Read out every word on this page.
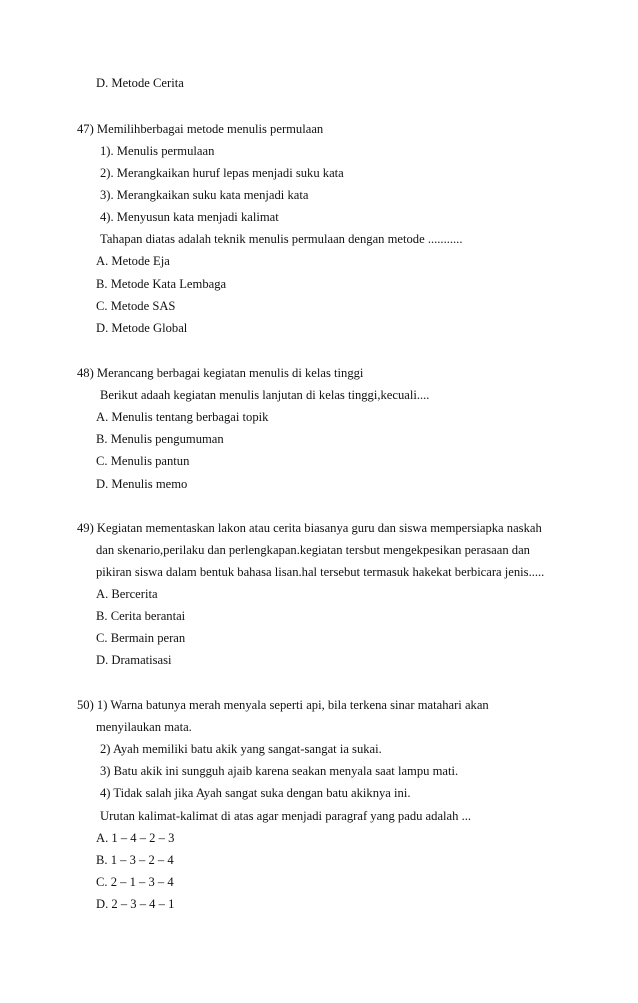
D. Metode Cerita
47) Memilihberbagai metode menulis permulaan
1). Menulis permulaan
2). Merangkaikan huruf lepas menjadi suku kata
3). Merangkaikan suku kata menjadi kata
4). Menyusun kata menjadi kalimat
Tahapan diatas adalah teknik menulis permulaan dengan metode ...........
A. Metode Eja
B. Metode Kata Lembaga
C. Metode SAS
D. Metode Global
48) Merancang berbagai kegiatan menulis di kelas tinggi
Berikut adaah kegiatan menulis lanjutan di kelas tinggi,kecuali....
A. Menulis tentang berbagai topik
B. Menulis pengumuman
C. Menulis pantun
D. Menulis memo
49) Kegiatan mementaskan lakon atau cerita biasanya guru dan siswa mempersiapka naskah
dan skenario,perilaku dan perlengkapan.kegiatan tersbut mengekpesikan perasaan dan
pikiran siswa dalam bentuk bahasa lisan.hal tersebut termasuk hakekat berbicara jenis.....
A. Bercerita
B. Cerita berantai
C. Bermain peran
D. Dramatisasi
50) 1) Warna batunya merah menyala seperti api, bila terkena sinar matahari akan
menyilaukan mata.
2) Ayah memiliki batu akik yang sangat-sangat ia sukai.
3) Batu akik ini sungguh ajaib karena seakan menyala saat lampu mati.
4) Tidak salah jika Ayah sangat suka dengan batu akiknya ini.
Urutan kalimat-kalimat di atas agar menjadi paragraf yang padu adalah ...
A. 1 – 4 – 2 – 3
B. 1 – 3 – 2 – 4
C. 2 – 1 – 3 – 4
D. 2 – 3 – 4 – 1
